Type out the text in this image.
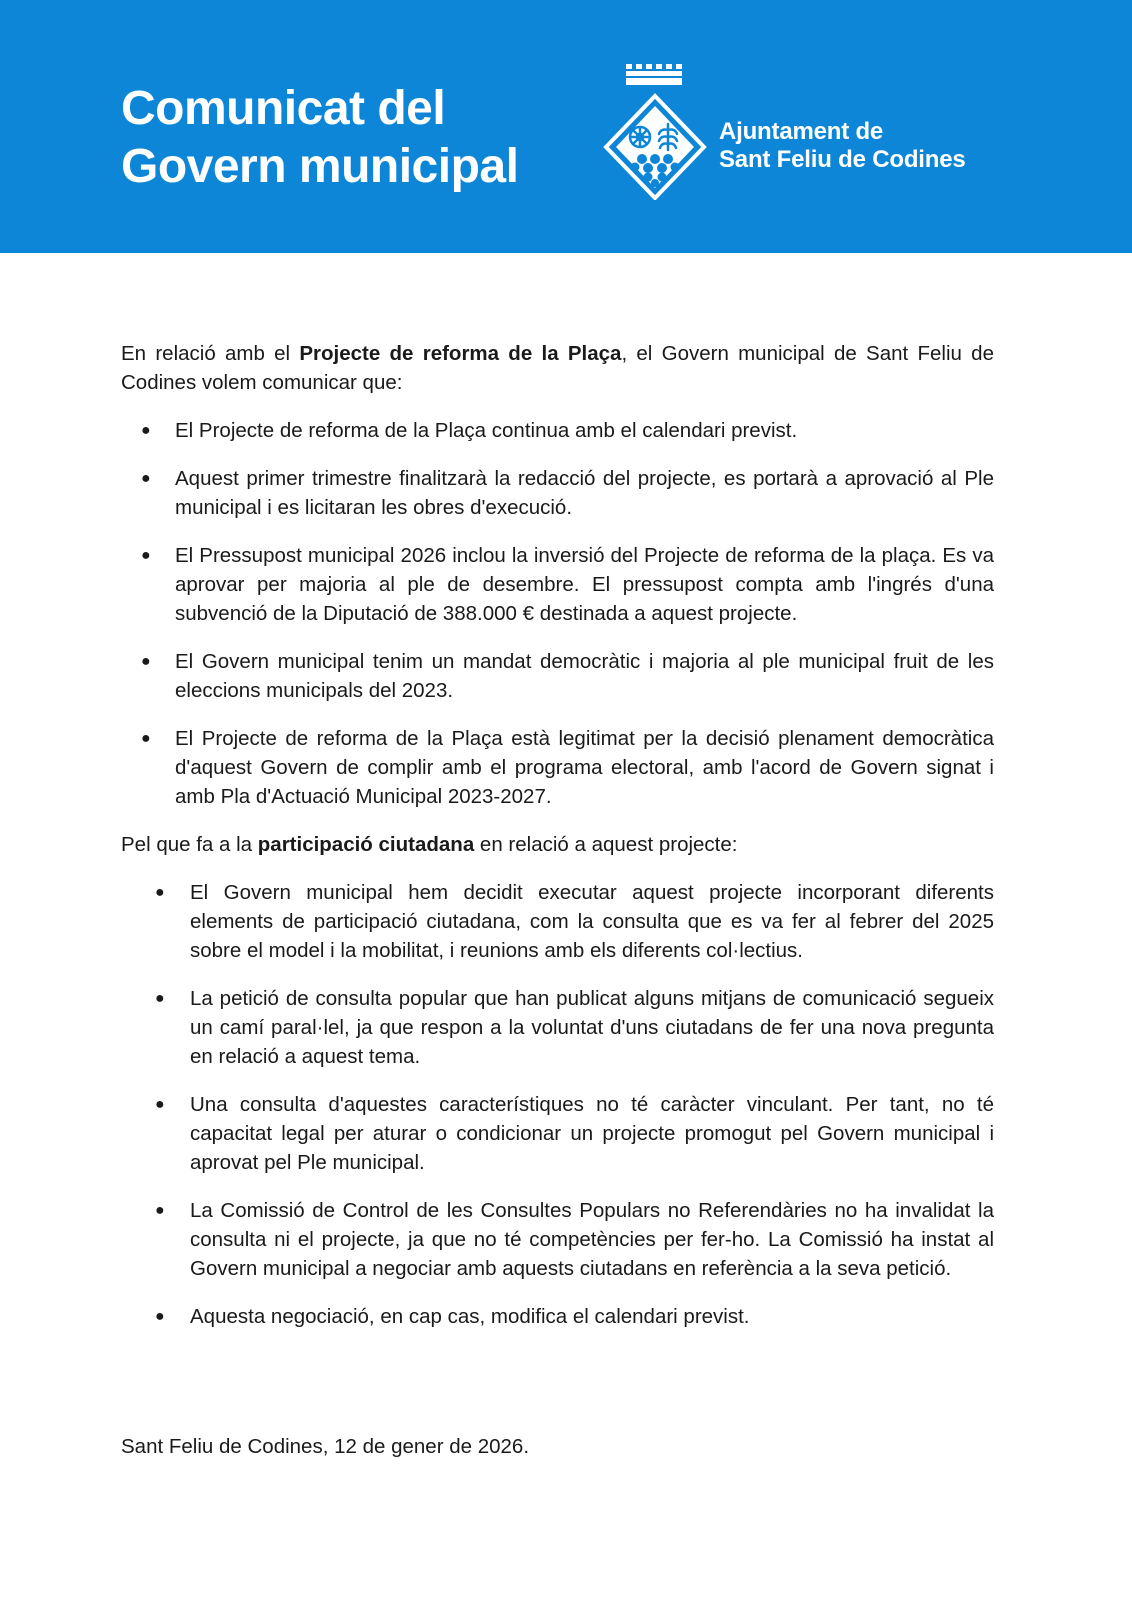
Comunicat del
Govern municipal
Ajuntament de
Sant Feliu de Codines

En relació amb el Projecte de reforma de la Plaça, el Govern municipal de Sant Feliu de Codines volem comunicar que:

● El Projecte de reforma de la Plaça continua amb el calendari previst.
● Aquest primer trimestre finalitzarà la redacció del projecte, es portarà a aprovació al Ple municipal i es licitaran les obres d'execució.
● El Pressupost municipal 2026 inclou la inversió del Projecte de reforma de la plaça. Es va aprovar per majoria al ple de desembre. El pressupost compta amb l'ingrés d'una subvenció de la Diputació de 388.000 € destinada a aquest projecte.
● El Govern municipal tenim un mandat democràtic i majoria al ple municipal fruit de les eleccions municipals del 2023.
● El Projecte de reforma de la Plaça està legitimat per la decisió plenament democràtica d'aquest Govern de complir amb el programa electoral, amb l'acord de Govern signat i amb Pla d'Actuació Municipal 2023-2027.

Pel que fa a la participació ciutadana en relació a aquest projecte:

● El Govern municipal hem decidit executar aquest projecte incorporant diferents elements de participació ciutadana, com la consulta que es va fer al febrer del 2025 sobre el model i la mobilitat, i reunions amb els diferents col·lectius.
● La petició de consulta popular que han publicat alguns mitjans de comunicació segueix un camí paral·lel, ja que respon a la voluntat d'uns ciutadans de fer una nova pregunta en relació a aquest tema.
● Una consulta d'aquestes característiques no té caràcter vinculant. Per tant, no té capacitat legal per aturar o condicionar un projecte promogut pel Govern municipal i aprovat pel Ple municipal.
● La Comissió de Control de les Consultes Populars no Referendàries no ha invalidat la consulta ni el projecte, ja que no té competències per fer-ho. La Comissió ha instat al Govern municipal a negociar amb aquests ciutadans en referència a la seva petició.
● Aquesta negociació, en cap cas, modifica el calendari previst.

Sant Feliu de Codines, 12 de gener de 2026.
